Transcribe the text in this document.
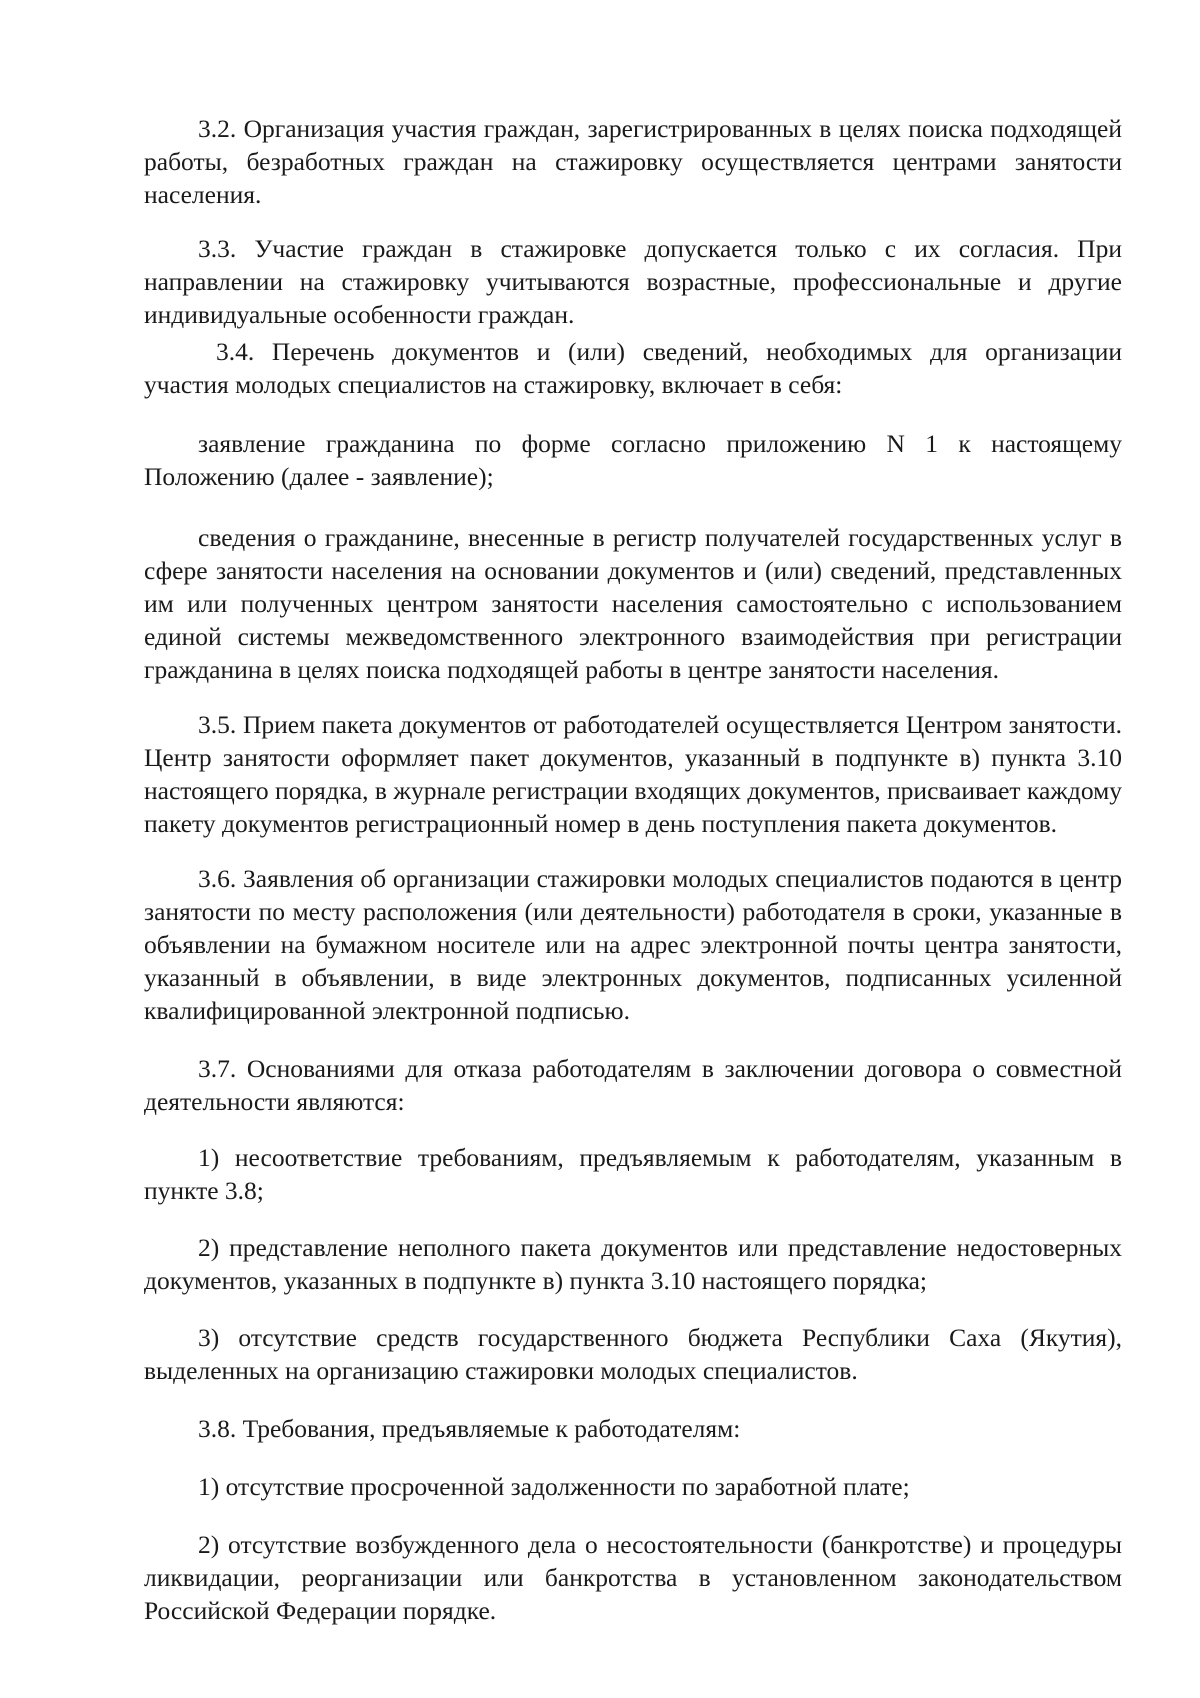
3.2. Организация участия граждан, зарегистрированных в целях поиска подходящей работы, безработных граждан на стажировку осуществляется центрами занятости населения.

3.3. Участие граждан в стажировке допускается только с их согласия. При направлении на стажировку учитываются возрастные, профессиональные и другие индивидуальные особенности граждан.

3.4. Перечень документов и (или) сведений, необходимых для организации участия молодых специалистов на стажировку, включает в себя:

заявление гражданина по форме согласно приложению N 1 к настоящему Положению (далее - заявление);

сведения о гражданине, внесенные в регистр получателей государственных услуг в сфере занятости населения на основании документов и (или) сведений, представленных им или полученных центром занятости населения самостоятельно с использованием единой системы межведомственного электронного взаимодействия при регистрации гражданина в целях поиска подходящей работы в центре занятости населения.

3.5. Прием пакета документов от работодателей осуществляется Центром занятости. Центр занятости оформляет пакет документов, указанный в подпункте в) пункта 3.10 настоящего порядка, в журнале регистрации входящих документов, присваивает каждому пакету документов регистрационный номер в день поступления пакета документов.

3.6. Заявления об организации стажировки молодых специалистов подаются в центр занятости по месту расположения (или деятельности) работодателя в сроки, указанные в объявлении на бумажном носителе или на адрес электронной почты центра занятости, указанный в объявлении, в виде электронных документов, подписанных усиленной квалифицированной электронной подписью.

3.7. Основаниями для отказа работодателям в заключении договора о совместной деятельности являются:

1) несоответствие требованиям, предъявляемым к работодателям, указанным в пункте 3.8;

2) представление неполного пакета документов или представление недостоверных документов, указанных в подпункте в) пункта 3.10 настоящего порядка;

3) отсутствие средств государственного бюджета Республики Саха (Якутия), выделенных на организацию стажировки молодых специалистов.

3.8. Требования, предъявляемые к работодателям:

1) отсутствие просроченной задолженности по заработной плате;

2) отсутствие возбужденного дела о несостоятельности (банкротстве) и процедуры ликвидации, реорганизации или банкротства в установленном законодательством Российской Федерации порядке.
